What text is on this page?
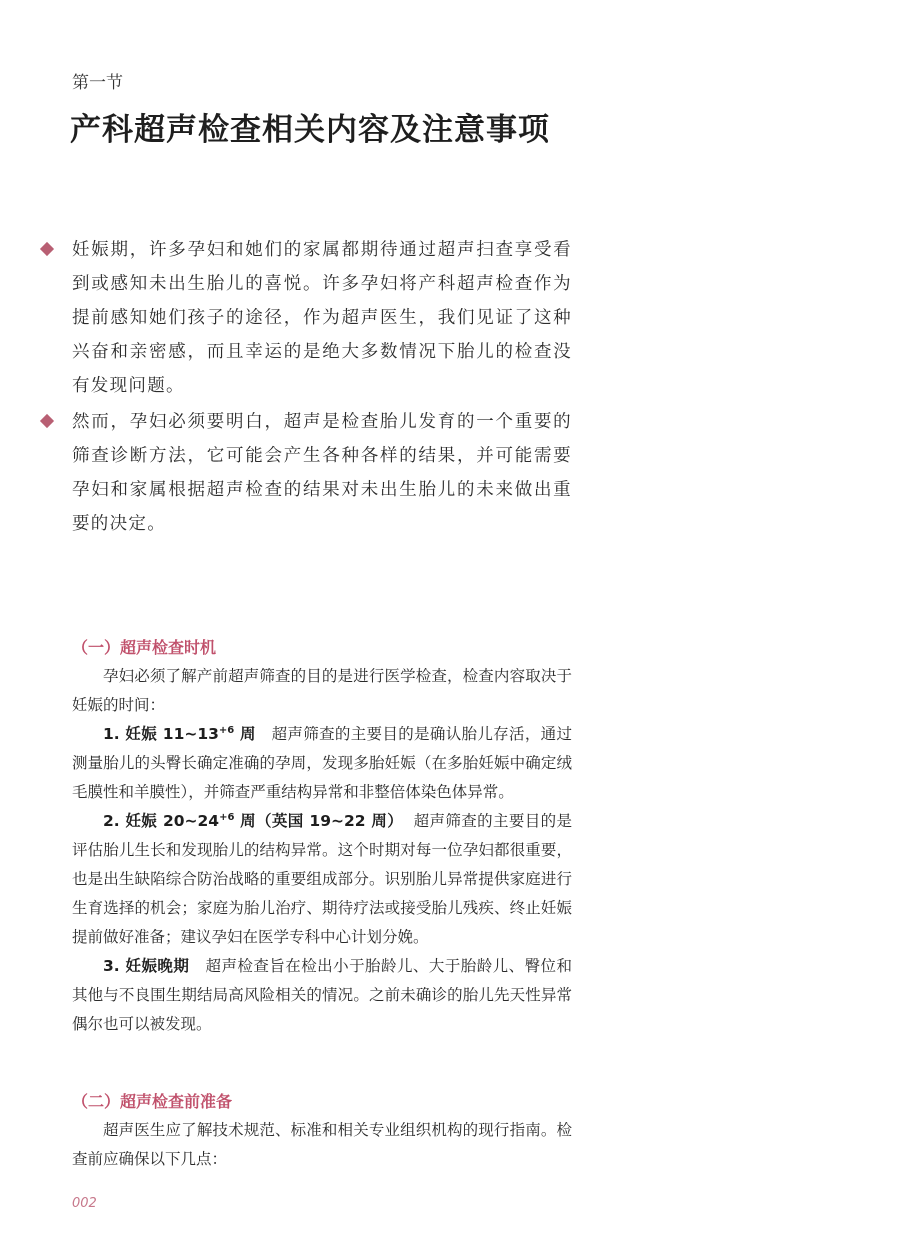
第一节
产科超声检查相关内容及注意事项
妊娠期，许多孕妇和她们的家属都期待通过超声扫查享受看到或感知未出生胎儿的喜悦。许多孕妇将产科超声检查作为提前感知她们孩子的途径，作为超声医生，我们见证了这种兴奋和亲密感，而且幸运的是绝大多数情况下胎儿的检查没有发现问题。
然而，孕妇必须要明白，超声是检查胎儿发育的一个重要的筛查诊断方法，它可能会产生各种各样的结果，并可能需要孕妇和家属根据超声检查的结果对未出生胎儿的未来做出重要的决定。
（一）超声检查时机

孕妇必须了解产前超声筛查的目的是进行医学检查，检查内容取决于妊娠的时间：

1. 妊娠 $11\sim 13^{+6}$ 周 超声筛查的主要目的是确认胎儿存活，通过测量胎儿的头臀长确定准确的孕周，发现多胎妊娠（在多胎妊娠中确定绒毛膜性和羊膜性），并筛查严重结构异常和非整倍体染色体异常。

2. 妊娠 $20\sim 24^{+6}$ 周（英国 19~22 周） 超声筛查的主要目的是评估胎儿生长和发现胎儿的结构异常。这个时期对每一位孕妇都很重要，也是出生缺陷综合防治战略的重要组成部分。识别胎儿异常提供家庭进行生育选择的机会；家庭为胎儿治疗、期待疗法或接受胎儿残疾、终止妊娠提前做好准备；建议孕妇在医学专科中心计划分娩。

3. 妊娠晚期 超声检查旨在检出小于胎龄儿、大于胎龄儿、臀位和其他与不良围生期结局高风险相关的情况。之前未确诊的胎儿先天性异常偶尔也可以被发现。

（二）超声检查前准备

超声医生应了解技术规范、标准和相关专业组织机构的现行指南。检查前应确保以下几点：

002
